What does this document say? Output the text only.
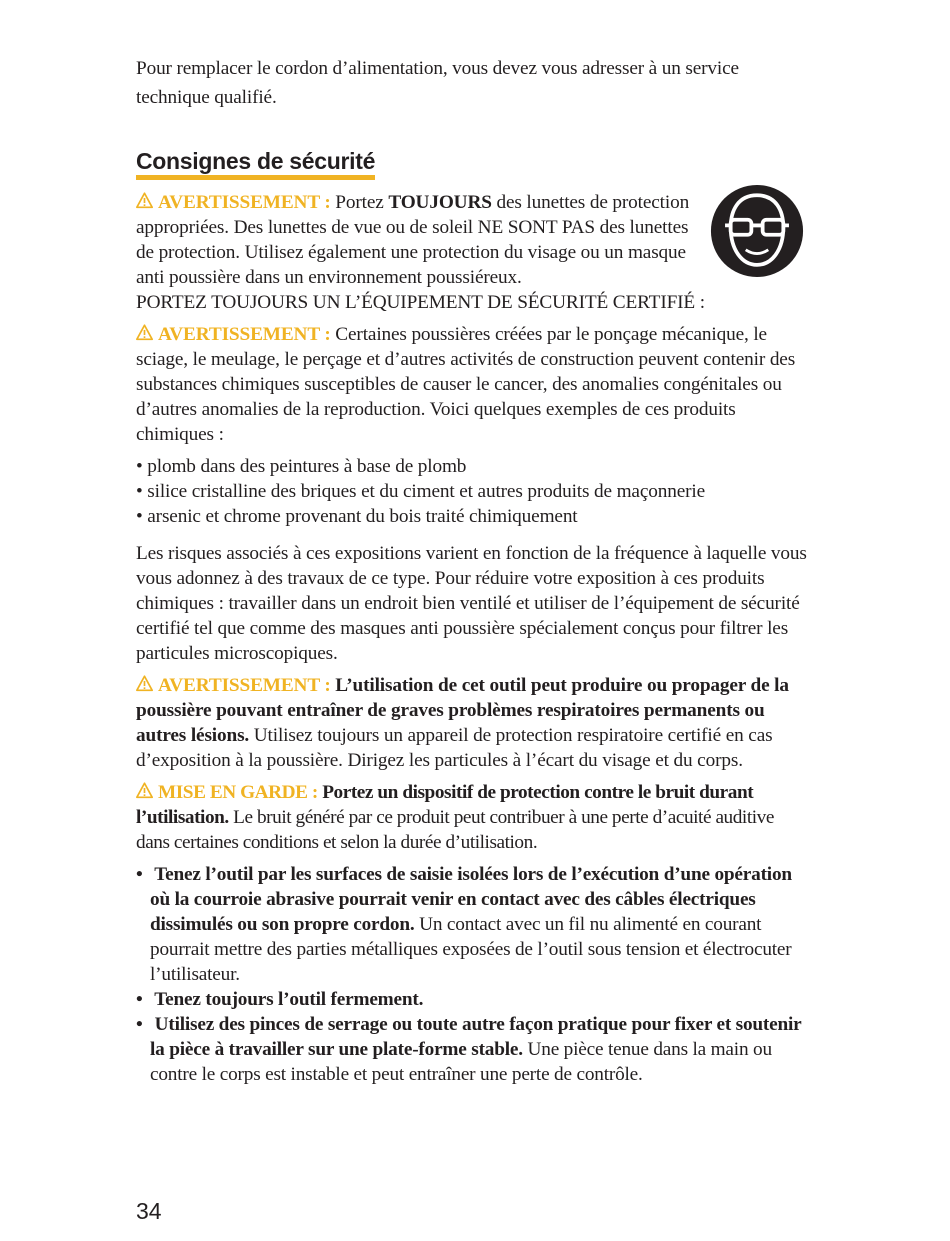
Pour remplacer le cordon d’alimentation, vous devez vous adresser à un service technique qualifié.

Consignes de sécurité

AVERTISSEMENT : Portez TOUJOURS des lunettes de protection appropriées. Des lunettes de vue ou de soleil NE SONT PAS des lunettes de protection. Utilisez également une protection du visage ou un masque anti poussière dans un environnement poussiéreux.

PORTEZ TOUJOURS UN L’ÉQUIPEMENT DE SÉCURITÉ CERTIFIÉ :

AVERTISSEMENT : Certaines poussières créées par le ponçage mécanique, le sciage, le meulage, le perçage et d’autres activités de construction peuvent contenir des substances chimiques susceptibles de causer le cancer, des anomalies congénitales ou d’autres anomalies de la reproduction. Voici quelques exemples de ces produits chimiques :

• plomb dans des peintures à base de plomb
• silice cristalline des briques et du ciment et autres produits de maçonnerie
• arsenic et chrome provenant du bois traité chimiquement

Les risques associés à ces expositions varient en fonction de la fréquence à laquelle vous vous adonnez à des travaux de ce type. Pour réduire votre exposition à ces produits chimiques : travailler dans un endroit bien ventilé et utiliser de l’équipement de sécurité certifié tel que comme des masques anti poussière spécialement conçus pour filtrer les particules microscopiques.

AVERTISSEMENT : L’utilisation de cet outil peut produire ou propager de la poussière pouvant entraîner de graves problèmes respiratoires permanents ou autres lésions. Utilisez toujours un appareil de protection respiratoire certifié en cas d’exposition à la poussière. Dirigez les particules à l’écart du visage et du corps.

MISE EN GARDE : Portez un dispositif de protection contre le bruit durant l’utilisation. Le bruit généré par ce produit peut contribuer à une perte d’acuité auditive dans certaines conditions et selon la durée d’utilisation.

• Tenez l’outil par les surfaces de saisie isolées lors de l’exécution d’une opération où la courroie abrasive pourrait venir en contact avec des câbles électriques dissimulés ou son propre cordon. Un contact avec un fil nu alimenté en courant pourrait mettre des parties métalliques exposées de l’outil sous tension et électrocuter l’utilisateur.
• Tenez toujours l’outil fermement.
• Utilisez des pinces de serrage ou toute autre façon pratique pour fixer et soutenir la pièce à travailler sur une plate-forme stable. Une pièce tenue dans la main ou contre le corps est instable et peut entraîner une perte de contrôle.
34
